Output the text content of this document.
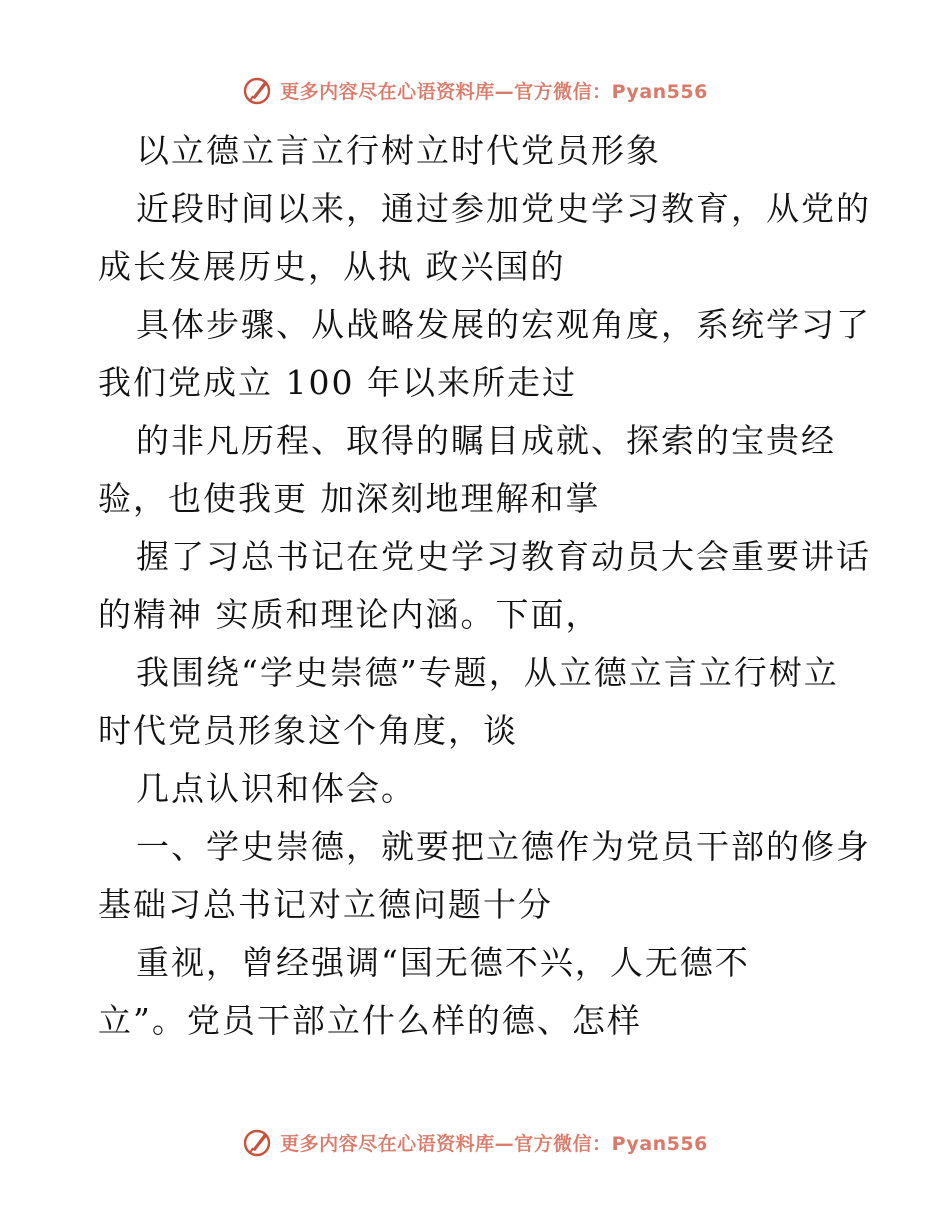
更多内容尽在心语资料库—官方微信：Pyan556
以立德立言立行树立时代党员形象
近段时间以来，通过参加党史学习教育，从党的
成长发展历史，从执 政兴国的
具体步骤、从战略发展的宏观角度，系统学习了
我们党成立 100 年以来所走过
的非凡历程、取得的瞩目成就、探索的宝贵经
验，也使我更 加深刻地理解和掌
握了习总书记在党史学习教育动员大会重要讲话
的精神 实质和理论内涵。下面，
我围绕“学史崇德”专题，从立德立言立行树立
时代党员形象这个角度，谈
几点认识和体会。
一、学史崇德，就要把立德作为党员干部的修身
基础习总书记对立德问题十分
重视，曾经强调“国无德不兴，人无德不
立”。党员干部立什么样的德、怎样
更多内容尽在心语资料库—官方微信：Pyan556
